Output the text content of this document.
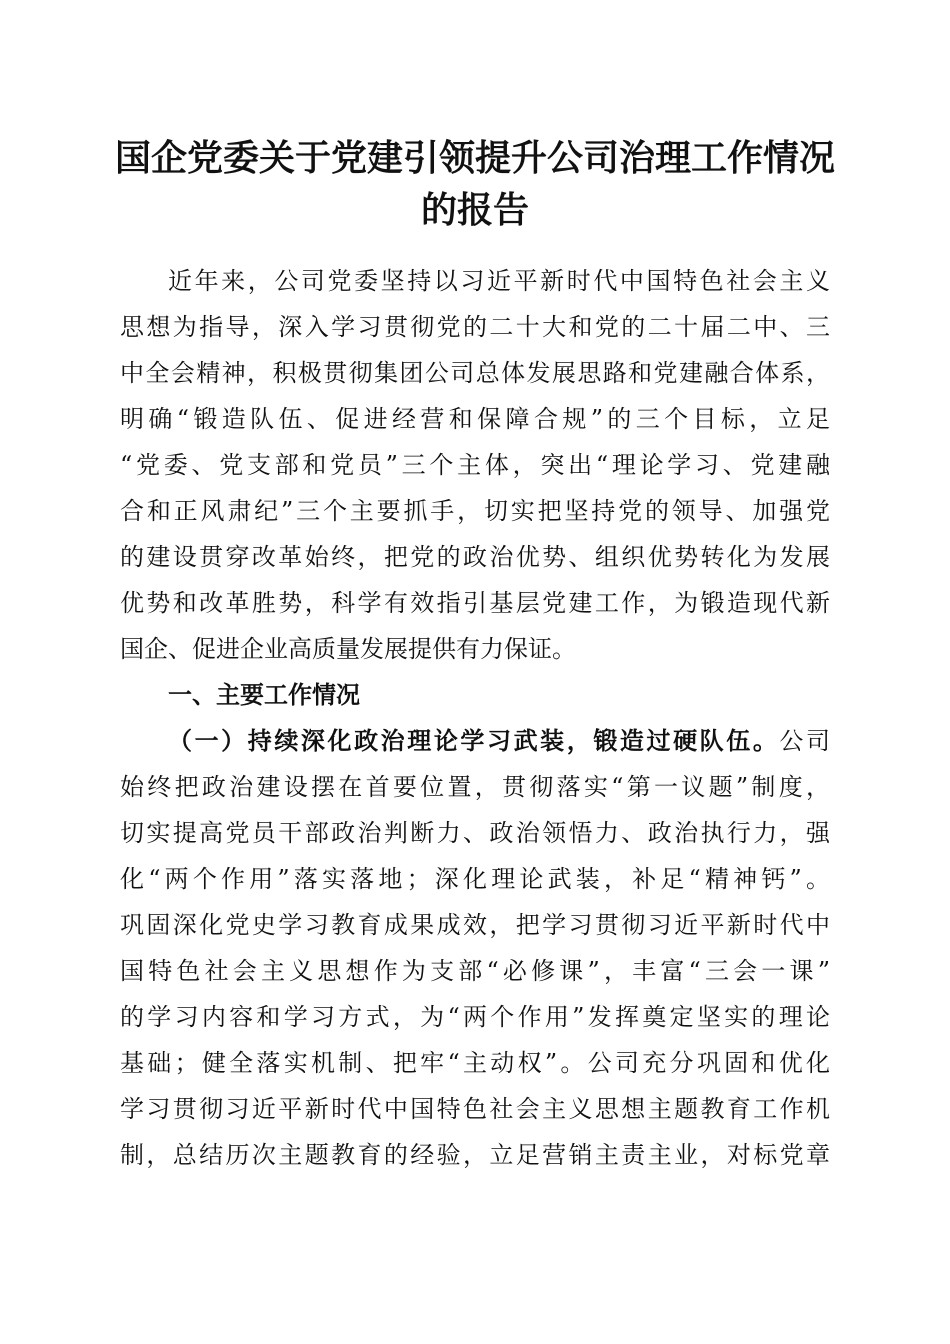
国企党委关于党建引领提升公司治理工作情况
的报告
近年来，公司党委坚持以习近平新时代中国特色社会主义
思想为指导，深入学习贯彻党的二十大和党的二十届二中、三
中全会精神，积极贯彻集团公司总体发展思路和党建融合体系，
明确“锻造队伍、促进经营和保障合规”的三个目标，立足
“党委、党支部和党员”三个主体，突出“理论学习、党建融
合和正风肃纪”三个主要抓手，切实把坚持党的领导、加强党
的建设贯穿改革始终，把党的政治优势、组织优势转化为发展
优势和改革胜势，科学有效指引基层党建工作，为锻造现代新
国企、促进企业高质量发展提供有力保证。
一、主要工作情况
（一）持续深化政治理论学习武装，锻造过硬队伍。公司
始终把政治建设摆在首要位置，贯彻落实“第一议题”制度，
切实提高党员干部政治判断力、政治领悟力、政治执行力，强
化“两个作用”落实落地；深化理论武装，补足“精神钙”。
巩固深化党史学习教育成果成效，把学习贯彻习近平新时代中
国特色社会主义思想作为支部“必修课”，丰富“三会一课”
的学习内容和学习方式，为“两个作用”发挥奠定坚实的理论
基础；健全落实机制、把牢“主动权”。公司充分巩固和优化
学习贯彻习近平新时代中国特色社会主义思想主题教育工作机
制，总结历次主题教育的经验，立足营销主责主业，对标党章
